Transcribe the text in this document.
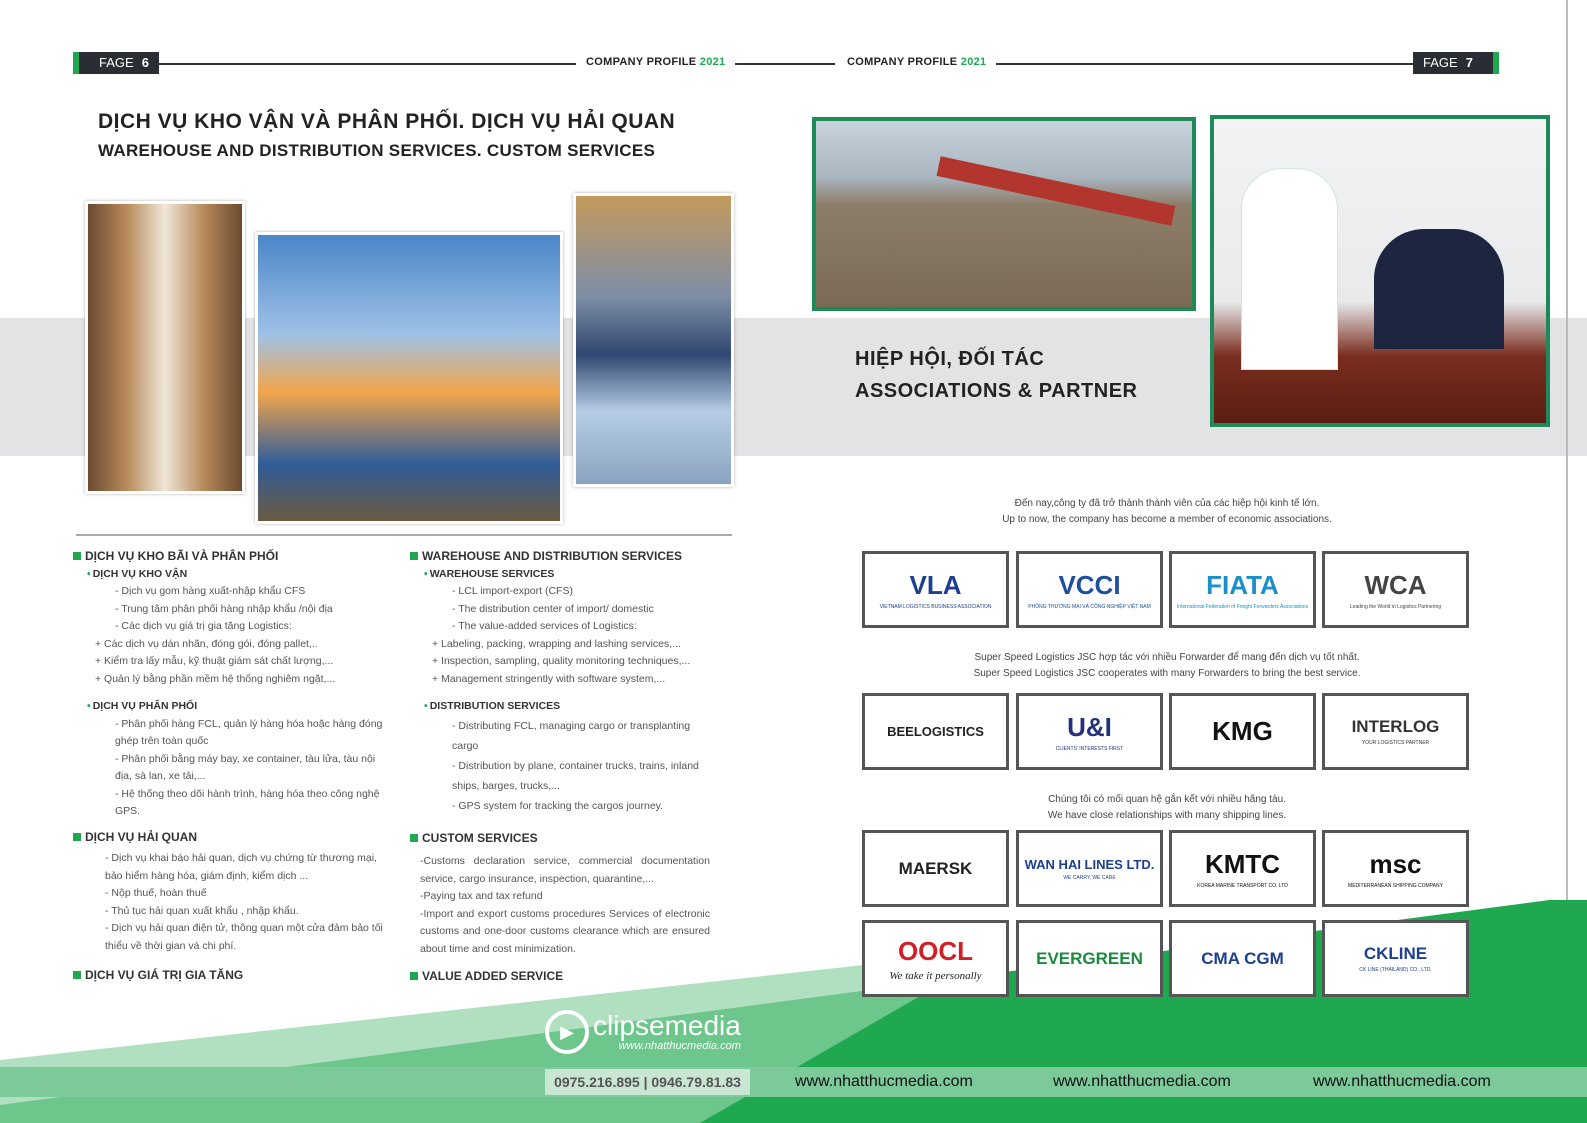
FAGE 6	COMPANY PROFILE 2021	COMPANY PROFILE 2021	FAGE 7
DỊCH VỤ KHO VẬN VÀ PHÂN PHỐI. DỊCH VỤ HẢI QUAN
WAREHOUSE AND DISTRIBUTION SERVICES. CUSTOM SERVICES
DỊCH VỤ KHO BÃI VÀ PHÂN PHỐI
• DỊCH VỤ KHO VẬN
- Dịch vụ gom hàng xuất-nhập khẩu CFS
- Trung tâm phân phối hàng nhập khẩu /nội địa
- Các dịch vụ giá trị gia tăng Logistics:
+ Các dịch vụ dán nhãn, đóng gói, đóng pallet,..
+ Kiểm tra lấy mẫu, kỹ thuật giám sát chất lượng,...
+ Quản lý bằng phần mềm hệ thống nghiêm ngặt,...
• DỊCH VỤ PHÂN PHỐI
- Phân phối hàng FCL, quản lý hàng hóa hoặc hàng đóng ghép trên toàn quốc
- Phân phối bằng máy bay, xe container, tàu lửa, tàu nội địa, sà lan, xe tải,...
- Hệ thống theo dõi hành trình, hàng hóa theo công nghệ GPS.
DỊCH VỤ HẢI QUAN
- Dịch vụ khai báo hải quan, dịch vụ chứng từ thương mại, bảo hiểm hàng hóa, giám định, kiểm dịch ...
- Nộp thuế, hoàn thuế
- Thủ tục hải quan xuất khẩu , nhập khẩu.
- Dịch vụ hải quan điện tử, thông quan một cửa đảm bảo tối thiểu về thời gian và chi phí.
DỊCH VỤ GIÁ TRỊ GIA TĂNG
WAREHOUSE AND DISTRIBUTION SERVICES
• WAREHOUSE SERVICES
- LCL import-export (CFS)
- The distribution center of import/ domestic
- The value-added services of Logistics:
+ Labeling, packing, wrapping and lashing services,...
+ Inspection, sampling, quality monitoring techniques,...
+ Management stringently with software system,...
• DISTRIBUTION SERVICES
- Distributing FCL, managing cargo or transplanting cargo
- Distribution by plane, container trucks, trains, inland ships, barges, trucks,...
- GPS system for tracking the cargos journey.
CUSTOM SERVICES
-Customs declaration service, commercial documentation service, cargo insurance, inspection, quarantine,...
-Paying tax and tax refund
-Import and export customs procedures Services of electronic customs and one-door customs clearance which are ensured about time and cost minimization.
VALUE ADDED SERVICE
HIỆP HỘI, ĐỐI TÁC
ASSOCIATIONS & PARTNER
Đến nay,công ty đã trở thành thành viên của các hiệp hội kinh tế lớn.
Up to now, the company has become a member of economic associations.
Super Speed Logistics JSC hợp tác với nhiều Forwarder để mang đến dịch vụ tốt nhất.
Super Speed Logistics JSC cooperates with many Forwarders to bring the best service.
Chúng tôi có mối quan hệ gắn kết với nhiều hãng tàu.
We have close relationships with many shipping lines.
VLA
VIETNAM LOGISTICS BUSINESS ASSOCIATION
VCCI
PHÒNG THƯƠNG MẠI VÀ CÔNG NGHIỆP VIỆT NAM
FIATA
International Federation of Freight Forwarders Associations
WCA
Leading the World in Logistics Partnering
BEELOGISTICS	U&I
CLIENTS' INTERESTS FIRST
KMG	INTERLOG
YOUR LOGISTICS PARTNER
MAERSK	WAN HAI LINES LTD.
WE CARRY, WE CARE	KMTC
KOREA MARINE TRANSPORT CO. LTD
msc
MEDITERRANEAN SHIPPING COMPANY
OOCL
We take it personally
EVERGREEN	CMA CGM	CKLINE
CK LINE (THAILAND) CO., LTD.
▶ clipsemedia
www.nhatthucmedia.com
0975.216.895 | 0946.79.81.83	www.nhatthucmedia.com	www.nhatthucmedia.com	www.nhatthucmedia.com
